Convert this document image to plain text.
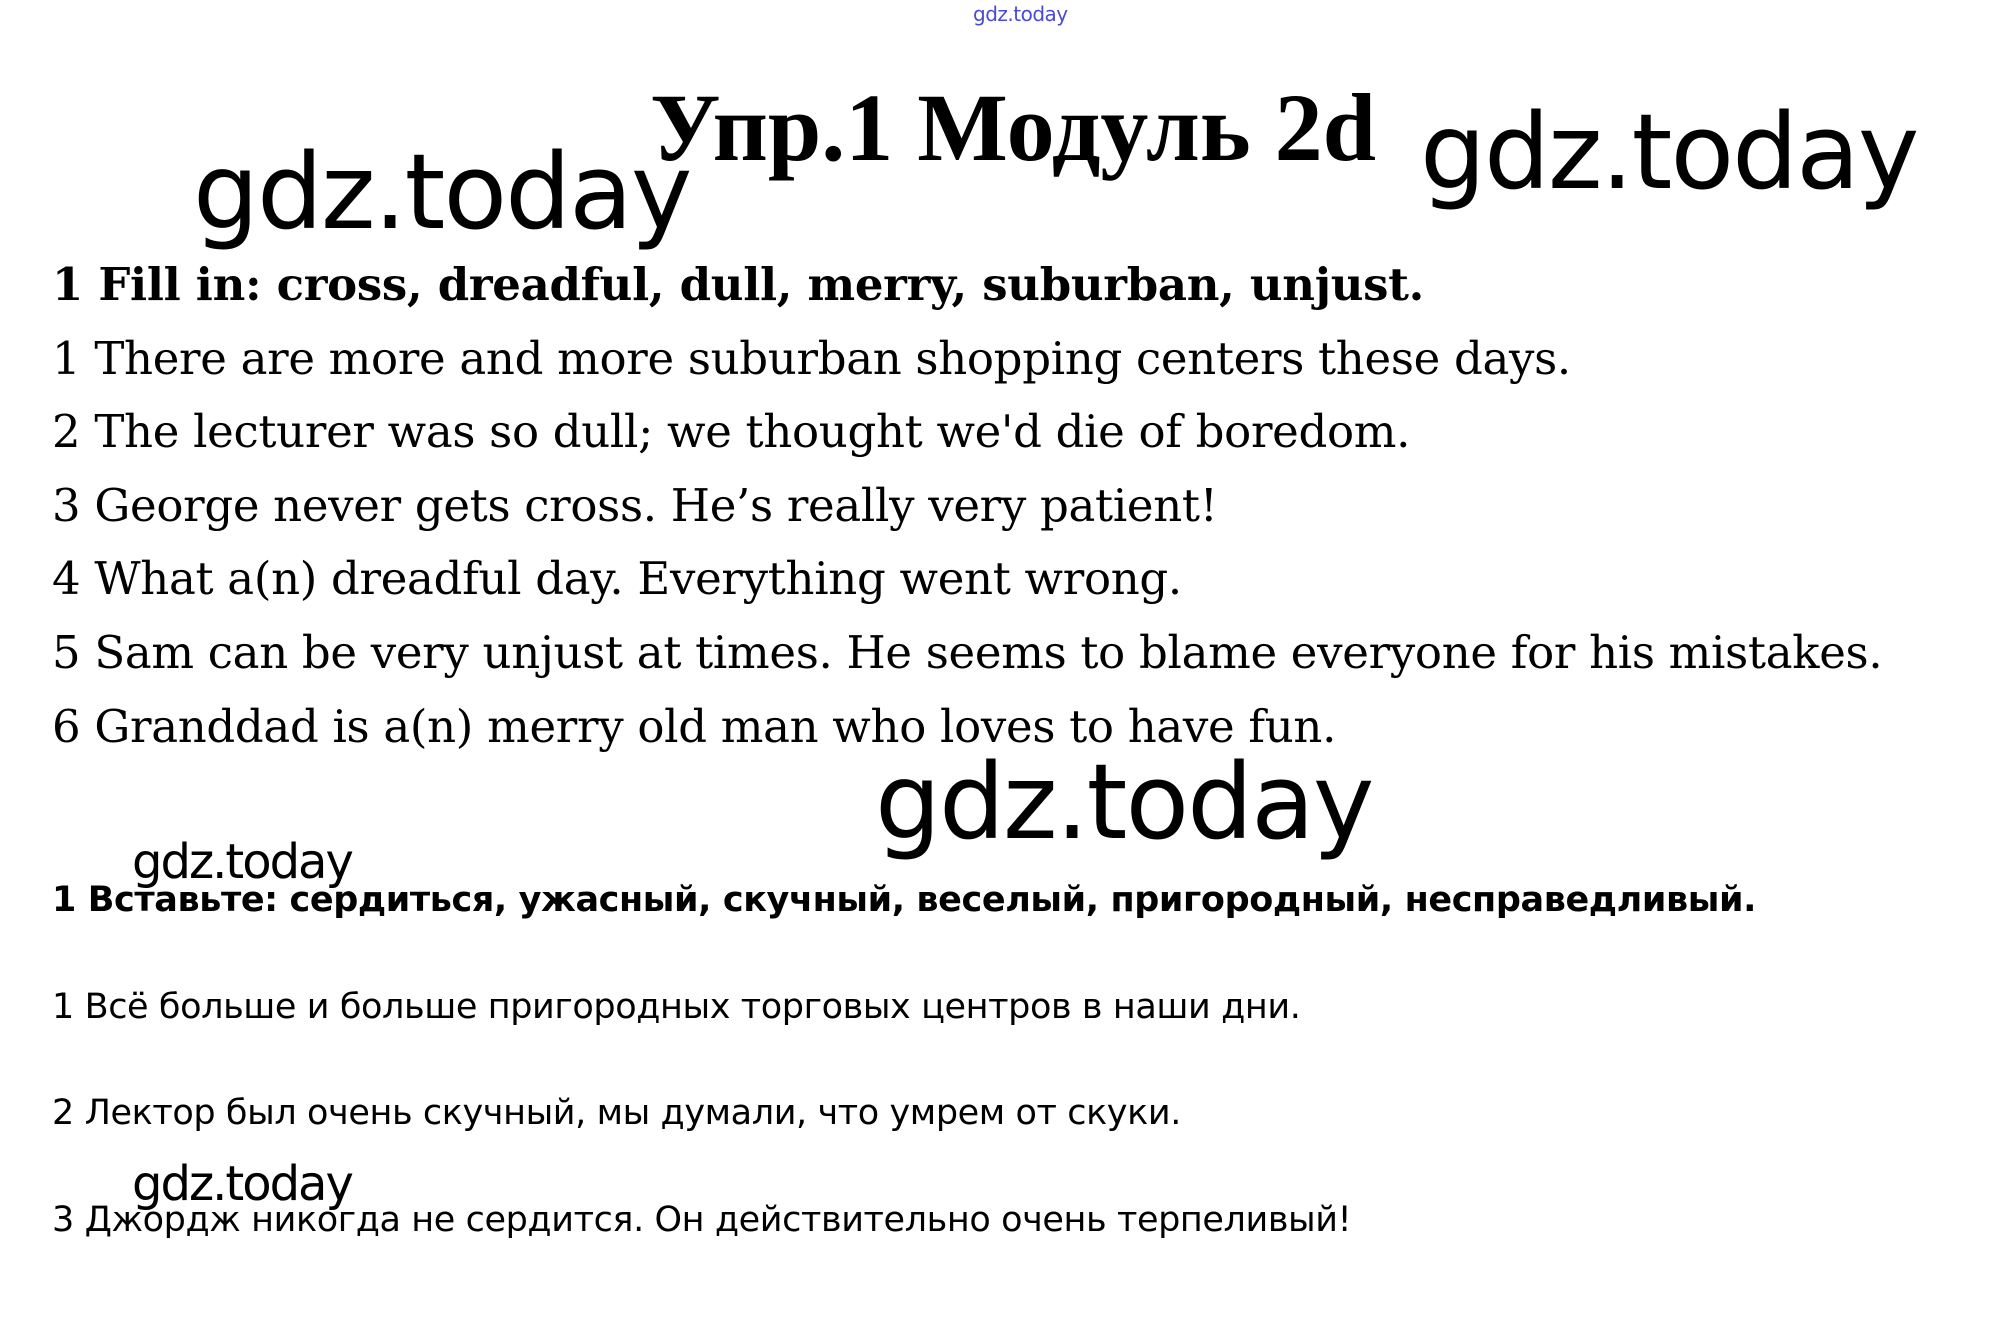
gdz.today
Упр.1 Модуль 2d
gdz.today	gdz.today
1 Fill in: cross, dreadful, dull, merry, suburban, unjust.
1 There are more and more suburban shopping centers these days.
2 The lecturer was so dull; we thought we'd die of boredom.
3 George never gets cross. He’s really very patient!
4 What a(n) dreadful day. Everything went wrong.
5 Sam can be very unjust at times. He seems to blame everyone for his mistakes.
6 Granddad is a(n) merry old man who loves to have fun.
gdz.today
gdz.today
1 Вставьте: сердиться, ужасный, скучный, веселый, пригородный, несправедливый.
1 Всё больше и больше пригородных торговых центров в наши дни.
2 Лектор был очень скучный, мы думали, что умрем от скуки.
gdz.today
3 Джордж никогда не сердится. Он действительно очень терпеливый!
